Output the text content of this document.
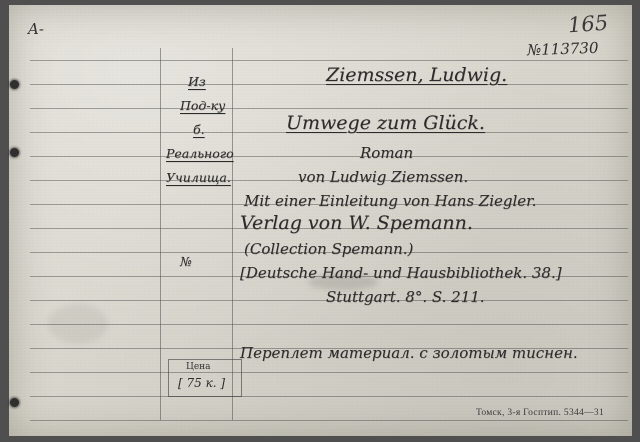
Из
Под-ку
б.
Реального
Училища.
№
Ziemssen, Ludwig.
Umwege zum Glück.
Roman
von Ludwig Ziemssen.
Mit einer Einleitung von Hans Ziegler.
Verlag von W. Spemann.
(Collection Spemann.)
[Deutsche Hand- und Hausbibliothek. 38.]
Stuttgart. 8°. S. 211.
Переплет материал. с золотым тиснен.
Цена
[ 75 к. ]
A-	165
№113730
Томск, 3-я Госптип. 5344—31
